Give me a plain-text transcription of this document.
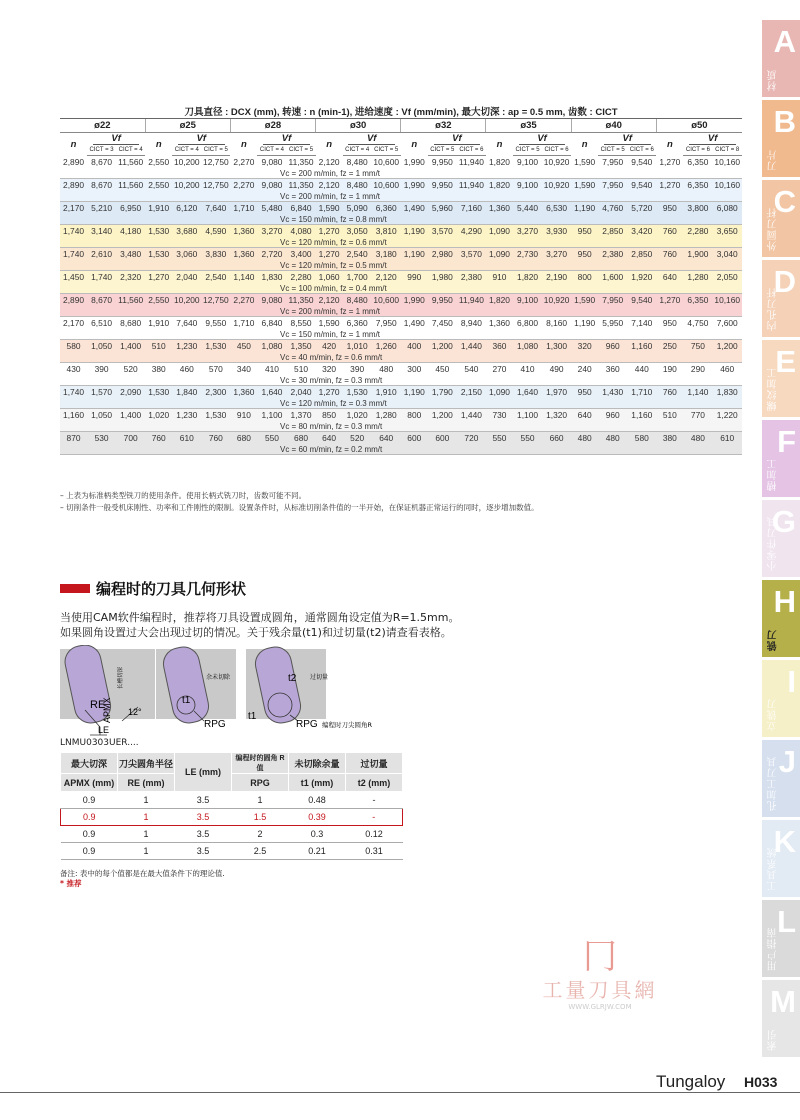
刀具直径 : DCX (mm), 转速 : n (min-1), 进给速度 : Vf (mm/min), 最大切深 : ap = 0.5 mm, 齿数 : CICT																							
ø22			ø25			ø28			ø30			ø32			ø35			ø40			ø50		
n	Vf		n	Vf		n	Vf		n	Vf		n	Vf		n	Vf		n	Vf		n	Vf	
	CICT = 3	CICT = 4		CICT = 4	CICT = 5		CICT = 4	CICT = 5		CICT = 4	CICT = 5		CICT = 5	CICT = 6		CICT = 5	CICT = 6		CICT = 5	CICT = 6		CICT = 6	CICT = 8
2,890	8,670	11,560	2,550	10,200	12,750	2,270	9,080	11,350	2,120	8,480	10,600	1,990	9,950	11,940	1,820	9,100	10,920	1,590	7,950	9,540	1,270	6,350	10,160
Vc = 200 m/min, fz = 1 mm/t																							
2,890	8,670	11,560	2,550	10,200	12,750	2,270	9,080	11,350	2,120	8,480	10,600	1,990	9,950	11,940	1,820	9,100	10,920	1,590	7,950	9,540	1,270	6,350	10,160
Vc = 200 m/min, fz = 1 mm/t																							
2,170	5,210	6,950	1,910	6,120	7,640	1,710	5,480	6,840	1,590	5,090	6,360	1,490	5,960	7,160	1,360	5,440	6,530	1,190	4,760	5,720	950	3,800	6,080
Vc = 150 m/min, fz = 0.8 mm/t																							
1,740	3,140	4,180	1,530	3,680	4,590	1,360	3,270	4,080	1,270	3,050	3,810	1,190	3,570	4,290	1,090	3,270	3,930	950	2,850	3,420	760	2,280	3,650
Vc = 120 m/min, fz = 0.6 mm/t																							
1,740	2,610	3,480	1,530	3,060	3,830	1,360	2,720	3,400	1,270	2,540	3,180	1,190	2,980	3,570	1,090	2,730	3,270	950	2,380	2,850	760	1,900	3,040
Vc = 120 m/min, fz = 0.5 mm/t																							
1,450	1,740	2,320	1,270	2,040	2,540	1,140	1,830	2,280	1,060	1,700	2,120	990	1,980	2,380	910	1,820	2,190	800	1,600	1,920	640	1,280	2,050
Vc = 100 m/min, fz = 0.4 mm/t																							
2,890	8,670	11,560	2,550	10,200	12,750	2,270	9,080	11,350	2,120	8,480	10,600	1,990	9,950	11,940	1,820	9,100	10,920	1,590	7,950	9,540	1,270	6,350	10,160
Vc = 200 m/min, fz = 1 mm/t																							
2,170	6,510	8,680	1,910	7,640	9,550	1,710	6,840	8,550	1,590	6,360	7,950	1,490	7,450	8,940	1,360	6,800	8,160	1,190	5,950	7,140	950	4,750	7,600
Vc = 150 m/min, fz = 1 mm/t																							
580	1,050	1,400	510	1,230	1,530	450	1,080	1,350	420	1,010	1,260	400	1,200	1,440	360	1,080	1,300	320	960	1,160	250	750	1,200
Vc = 40 m/min, fz = 0.6 mm/t																							
430	390	520	380	460	570	340	410	510	320	390	480	300	450	540	270	410	490	240	360	440	190	290	460
Vc = 30 m/min, fz = 0.3 mm/t																							
1,740	1,570	2,090	1,530	1,840	2,300	1,360	1,640	2,040	1,270	1,530	1,910	1,190	1,790	2,150	1,090	1,640	1,970	950	1,430	1,710	760	1,140	1,830
Vc = 120 m/min, fz = 0.3 mm/t																							
1,160	1,050	1,400	1,020	1,230	1,530	910	1,100	1,370	850	1,020	1,280	800	1,200	1,440	730	1,100	1,320	640	960	1,160	510	770	1,220
Vc = 80 m/min, fz = 0.3 mm/t																							
870	530	700	760	610	760	680	550	680	640	520	640	600	600	720	550	550	660	480	480	580	380	480	610
Vc = 60 m/min, fz = 0.2 mm/t																							
– 上表为标准柄类型铣刀的使用条件。使用长柄式铣刀时，齿数可能不同。
– 切削条件一般受机床刚性、功率和工件刚性的限制。设置条件时，从标准切削条件值的一半开始，在保证机器正常运行的同时，逐步增加数值。
编程时的刀具几何形状
当使用CAM软件编程时，推荐将刀具设置成圆角，通常圆角设定值为R=1.5mm。
如果圆角设置过大会出现过切的情况。关于残余量(t1)和过切量(t2)请查看表格。
RE
APMX
LE
12°
长槽切深	余未切除
t1
RPG
过切量
t2
t1
RPG 编程时刀尖圆角R
LNMU0303UER....
最大切深	刀尖圆角半径	LE (mm)	编程时的圆角 R 值	未切除余量	过切量
APMX (mm)	RE (mm)		RPG	t1 (mm)	t2 (mm)
0.9	1	3.5	1	0.48	-
0.9	1	3.5	1.5	0.39	-
0.9	1	3.5	2	0.3	0.12
0.9	1	3.5	2.5	0.21	0.31
备注: 表中的每个值都是在最大值条件下的理论值.
* 推荐
A
材质
B
刀片
C
外圆刀杆
D
内孔刀杆
E
螺纹加工
F
槽加工
G
小零件刀具
H
铣刀
I
立铣刀
J
孔加工刀具
K
工具系统
L
用户指南
M
索引
冂
工量刀具網
WWW.GLRJW.COM
Tungaloy H033
